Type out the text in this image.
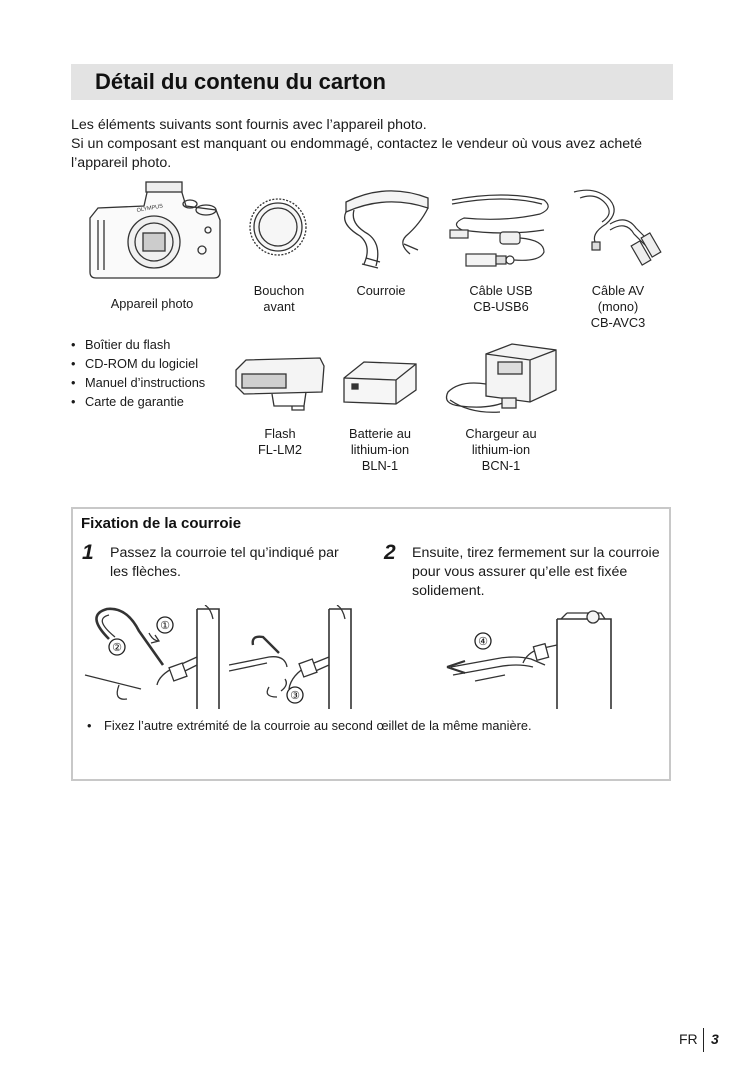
Détail du contenu du carton

Les éléments suivants sont fournis avec l’appareil photo.

Si un composant est manquant ou endommagé, contactez le vendeur où vous avez acheté l’appareil photo.

OLYMPUS
Appareil photo
Bouchon
avant
Courroie	Câble USB
CB-USB6
Câble AV
(mono)
CB-AVC3
• Boîtier du flash
• CD-ROM du logiciel
• Manuel d’instructions
• Carte de garantie
Flash
FL-LM2
Batterie au
lithium-ion
BLN-1
Chargeur au
lithium-ion
BCN-1
Fixation de la courroie
1 Passez la courroie tel qu’indiqué par les flèches.
2 Ensuite, tirez fermement sur la courroie pour vous assurer qu’elle est fixée solidement.
①
②
③
④
• Fixez l’autre extrémité de la courroie au second œillet de la même manière.
FR 3
